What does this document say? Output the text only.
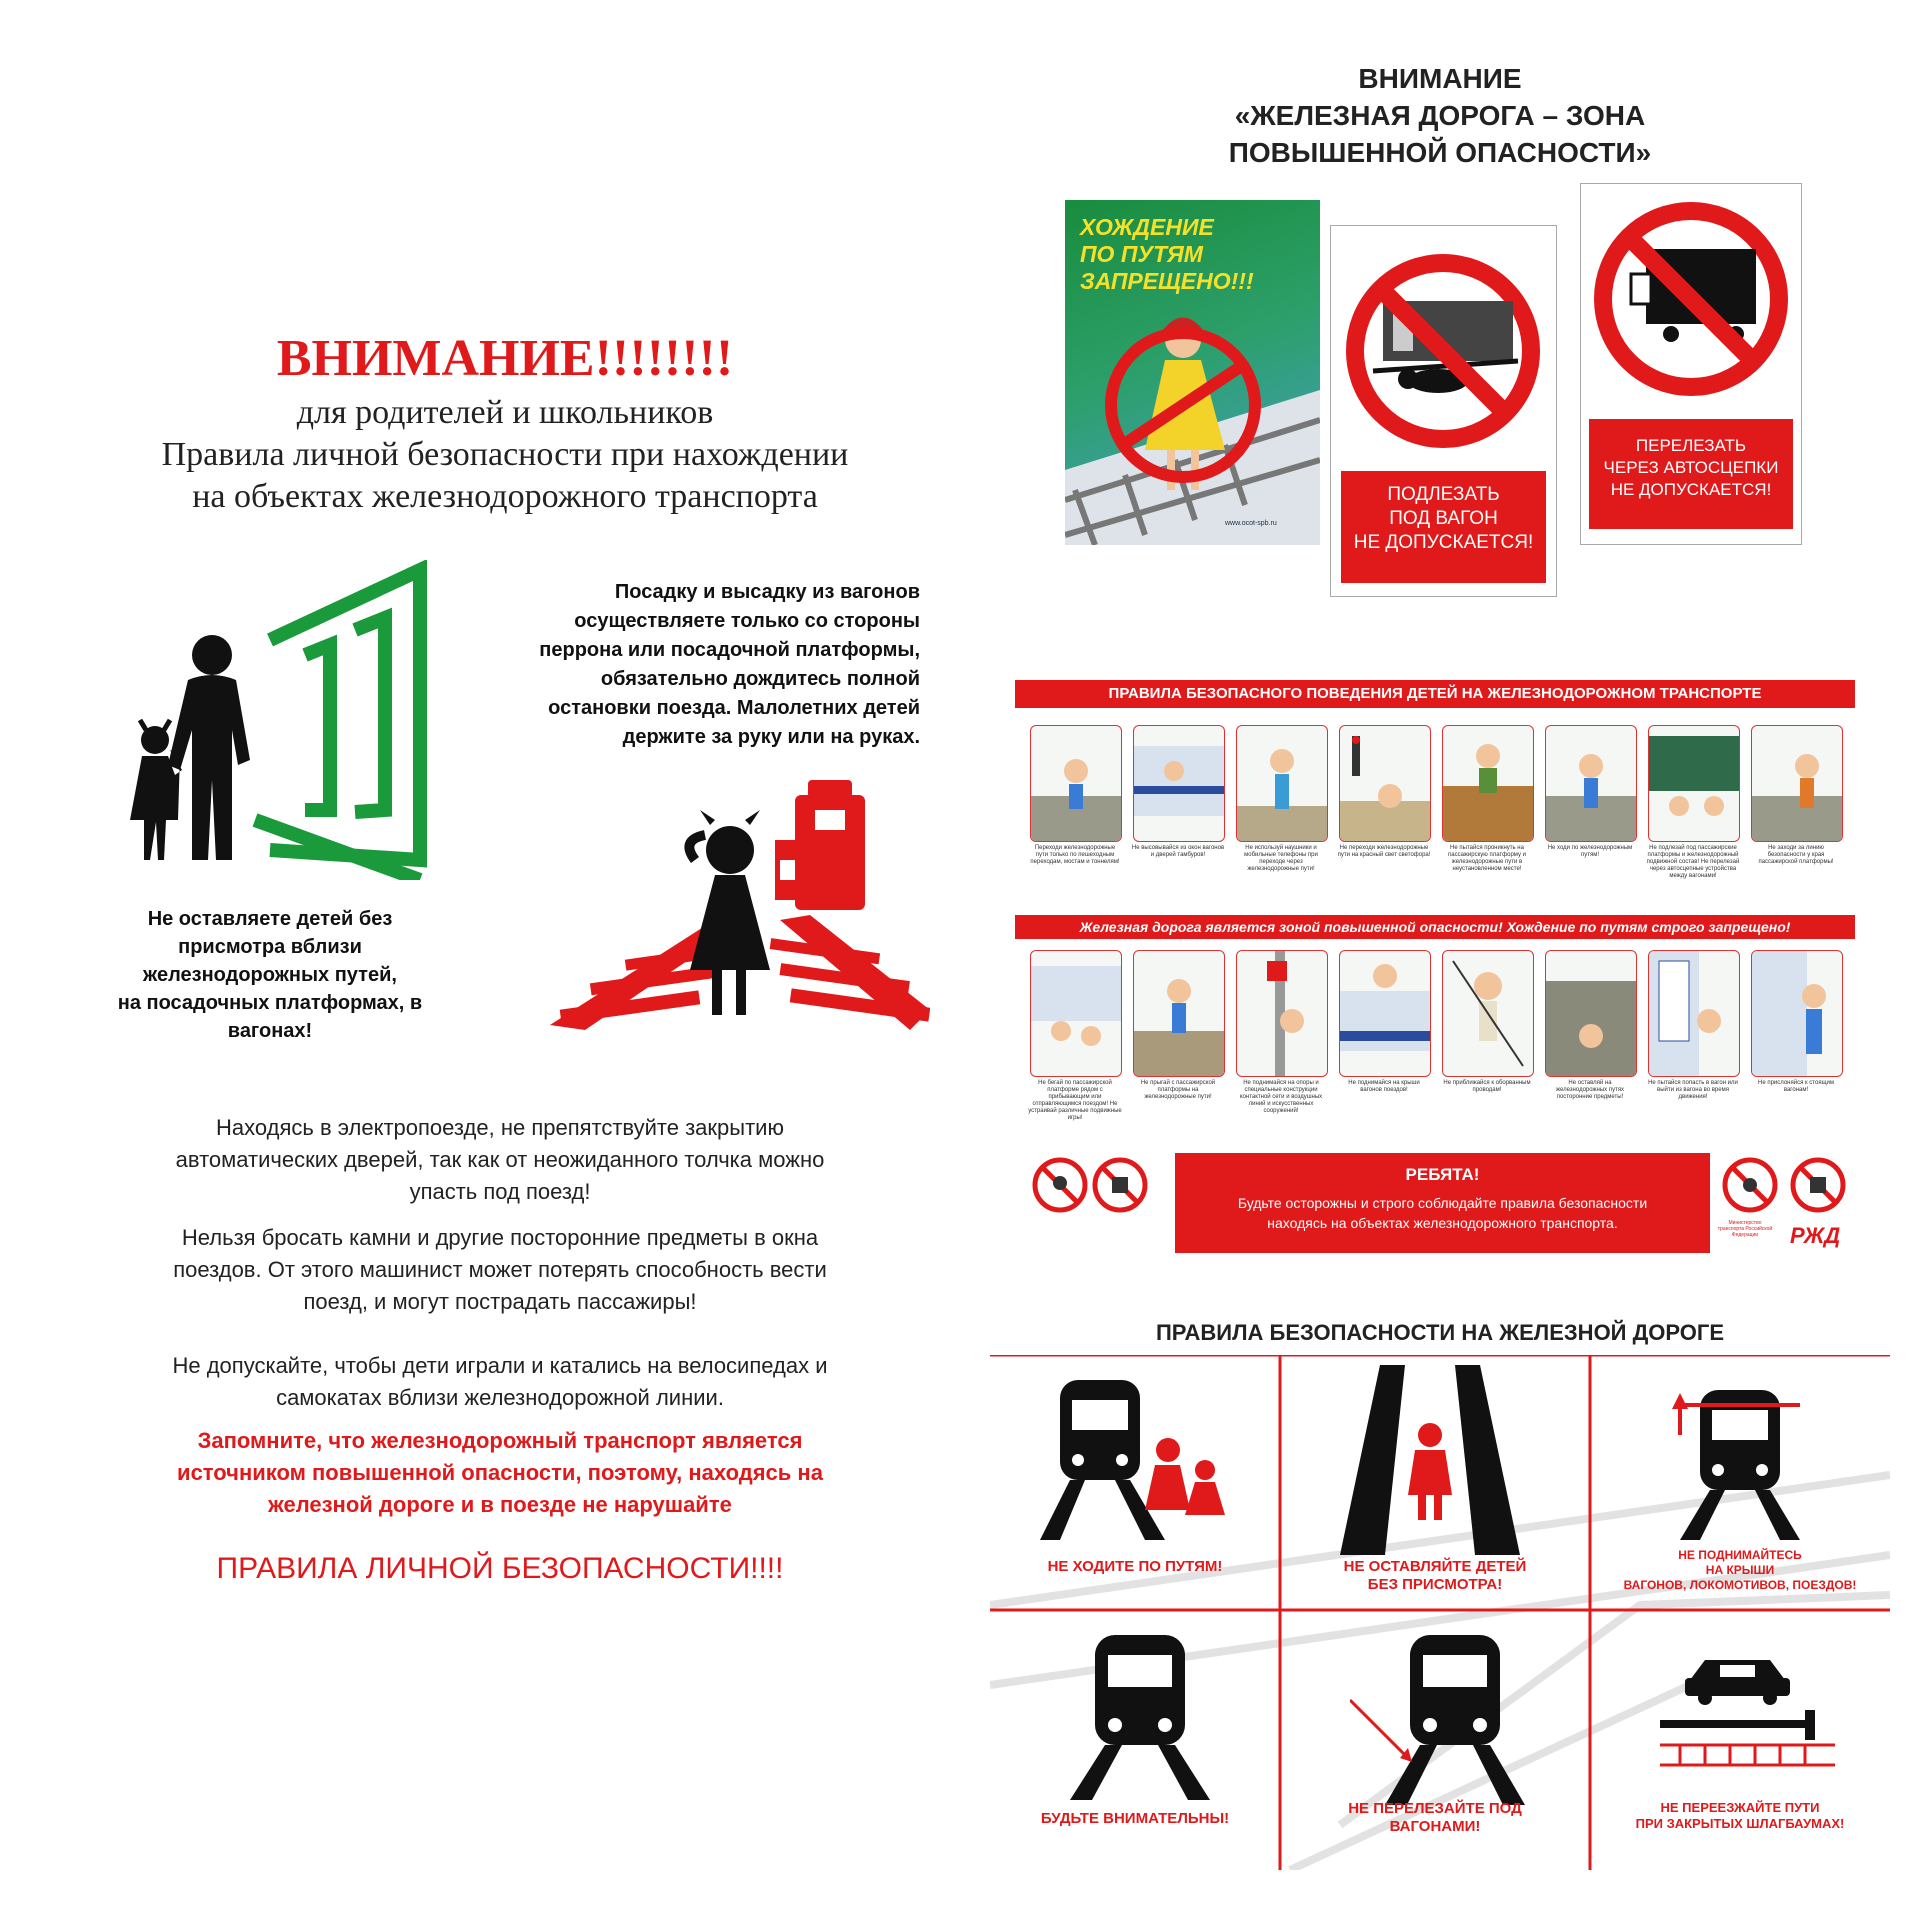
ВНИМАНИЕ!!!!!!!!
для родителей и школьников
Правила личной безопасности при нахождении
на объектах железнодорожного транспорта
Посадку и высадку из вагонов
осуществляете только со стороны
перрона или посадочной платформы,
обязательно дождитесь полной
остановки поезда. Малолетних детей
держите за руку или на руках.
Не оставляете детей без
присмотра вблизи
железнодорожных путей,
на посадочных платформах, в
вагонах!
Находясь в электропоезде, не препятствуйте закрытию
автоматических дверей, так как от неожиданного толчка можно
упасть под поезд!
Нельзя бросать камни и другие посторонние предметы в окна
поездов. От этого машинист может потерять способность вести
поезд, и могут пострадать пассажиры!
Не допускайте, чтобы дети играли и катались на велосипедах и
самокатах вблизи железнодорожной линии.
Запомните, что железнодорожный транспорт является
источником повышенной опасности, поэтому, находясь на
железной дороге и в поезде не нарушайте
ПРАВИЛА ЛИЧНОЙ БЕЗОПАСНОСТИ!!!!
ВНИМАНИЕ
«ЖЕЛЕЗНАЯ ДОРОГА – ЗОНА
ПОВЫШЕННОЙ ОПАСНОСТИ»
ХОЖДЕНИЕ
ПО ПУТЯМ
ЗАПРЕЩЕНО!!!
www.ocot-spb.ru
ПОДЛЕЗАТЬ
ПОД ВАГОН
НЕ ДОПУСКАЕТСЯ!
ПЕРЕЛЕЗАТЬ
ЧЕРЕЗ АВТОСЦЕПКИ
НЕ ДОПУСКАЕТСЯ!
ПРАВИЛА БЕЗОПАСНОГО ПОВЕДЕНИЯ ДЕТЕЙ НА ЖЕЛЕЗНОДОРОЖНОМ ТРАНСПОРТЕ
Переходи железнодорожные пути только по пешеходным переходам, мостам и тоннелям!
Не высовывайся из окон вагонов и дверей тамбуров!
Не используй наушники и мобильные телефоны при переходе через железнодорожные пути!
Не переходи железнодорожные пути на красный свет светофора!
Не пытайся проникнуть на пассажирскую платформу и железнодорожные пути в неустановленном месте!
Не ходи по железнодорожным путям!
Не подлезай под пассажирские платформы и железнодорожный подвижной состав! Не перелезай через автосцепные устройства между вагонами!
Не заходи за линию безопасности у края пассажирской платформы!
Железная дорога является зоной повышенной опасности! Хождение по путям строго запрещено!
Не бегай по пассажирской платформе рядом с прибывающим или отправляющимся поездом! Не устраивай различные подвижные игры!
Не прыгай с пассажирской платформы на железнодорожные пути!
Не поднимайся на опоры и специальные конструкции контактной сети и воздушных линий и искусственных сооружений!
Не поднимайся на крыши вагонов поездов!
Не приближайся к оборванным проводам!
Не оставляй на железнодорожных путях посторонние предметы!
Не пытайся попасть в вагон или выйти из вагона во время движения!
Не прислоняйся к стоящим вагонам!
РЕБЯТА!
Будьте осторожны и строго соблюдайте правила безопасности
находясь на объектах железнодорожного транспорта.	Министерство транспорта Российской Федерации	РЖД
ПРАВИЛА БЕЗОПАСНОСТИ НА ЖЕЛЕЗНОЙ ДОРОГЕ
НЕ ХОДИТЕ ПО ПУТЯМ!	НЕ ОСТАВЛЯЙТЕ ДЕТЕЙ
БЕЗ ПРИСМОТРА!
НЕ ПОДНИМАЙТЕСЬ
НА КРЫШИ
ВАГОНОВ, ЛОКОМОТИВОВ, ПОЕЗДОВ!
БУДЬТЕ ВНИМАТЕЛЬНЫ!
НЕ ПЕРЕЛЕЗАЙТЕ ПОД
ВАГОНАМИ!
НЕ ПЕРЕЕЗЖАЙТЕ ПУТИ
ПРИ ЗАКРЫТЫХ ШЛАГБАУМАХ!
